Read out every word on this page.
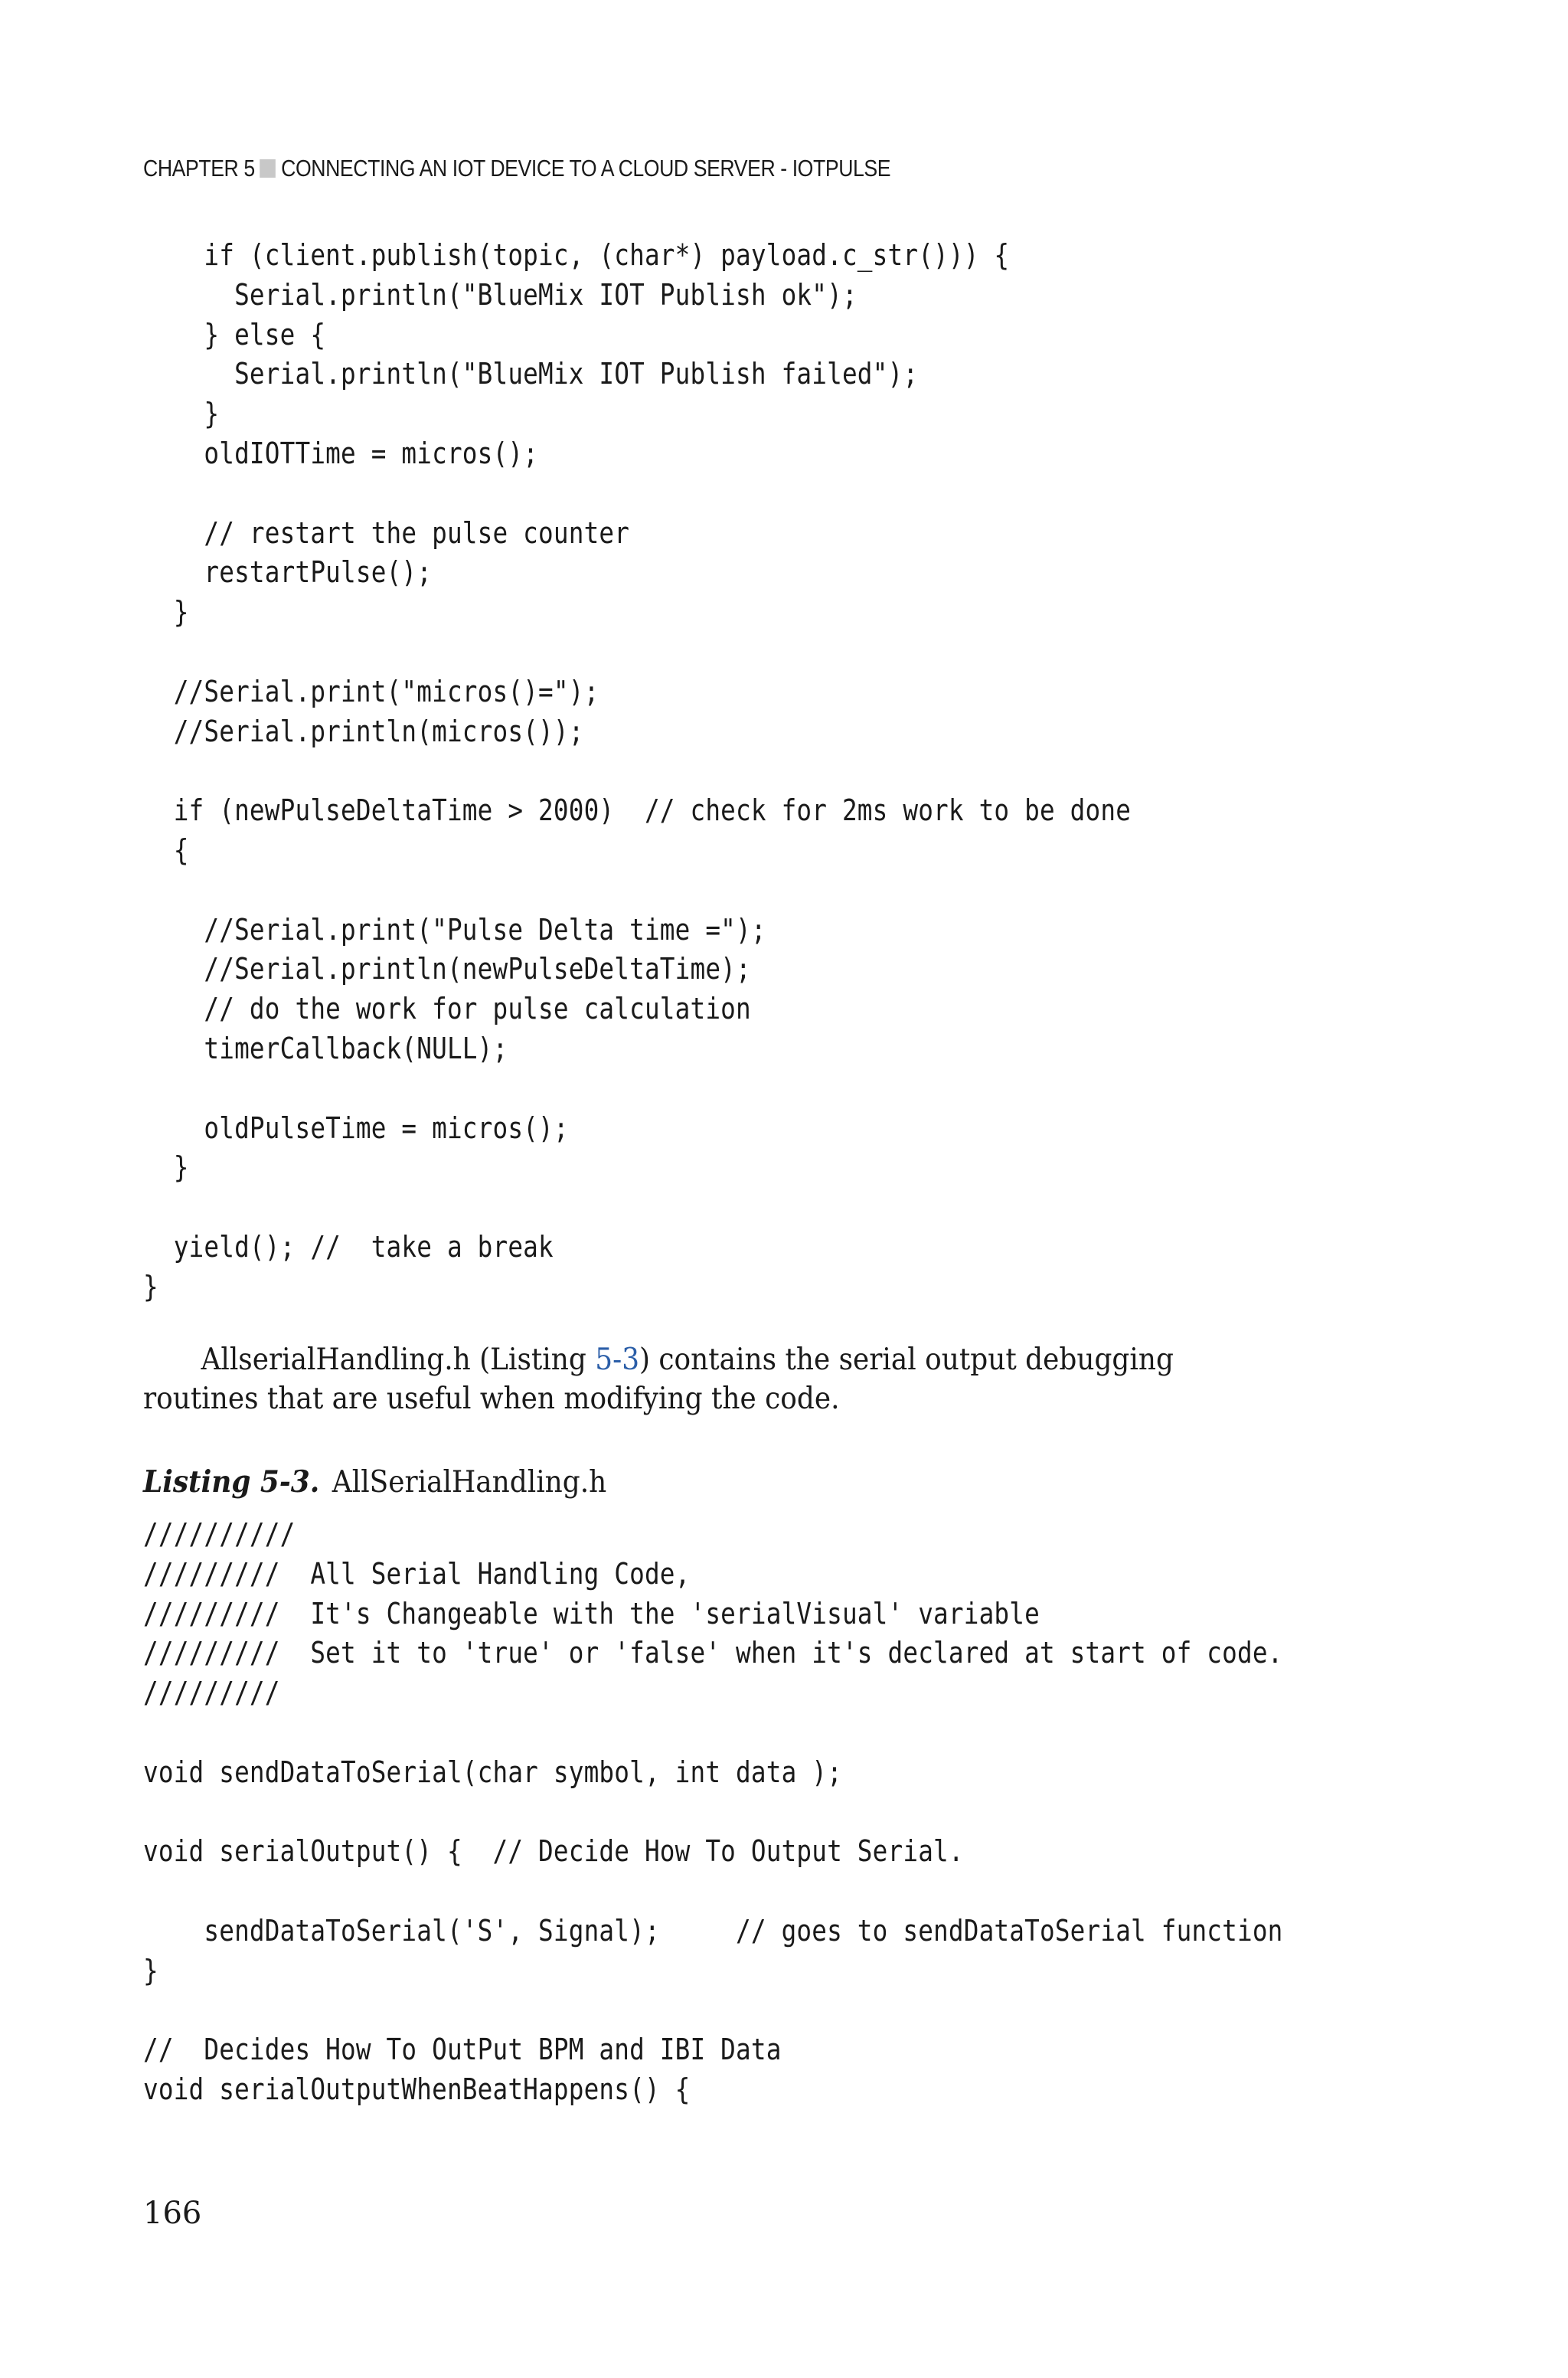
CHAPTER 5 CONNECTING AN IOT DEVICE TO A CLOUD SERVER - IOTPULSE
if (client.publish(topic, (char*) payload.c_str())) {
Serial.println("BlueMix IOT Publish ok");
} else {
Serial.println("BlueMix IOT Publish failed");
}
oldIOTTime = micros();

// restart the pulse counter
restartPulse();
}

//Serial.print("micros()=");
//Serial.println(micros());

if (newPulseDeltaTime > 2000)  // check for 2ms work to be done
{

//Serial.print("Pulse Delta time =");
//Serial.println(newPulseDeltaTime);
// do the work for pulse calculation
timerCallback(NULL);

oldPulseTime = micros();
}

yield(); //  take a break
}
AllserialHandling.h (Listing 5-3) contains the serial output debugging routines that are useful when modifying the code.
Listing 5-3. AllSerialHandling.h
//////////
/////////  All Serial Handling Code,
/////////  It's Changeable with the 'serialVisual' variable
/////////  Set it to 'true' or 'false' when it's declared at start of code.
/////////

void sendDataToSerial(char symbol, int data );

void serialOutput() {  // Decide How To Output Serial.

sendDataToSerial('S', Signal);     // goes to sendDataToSerial function
}

//  Decides How To OutPut BPM and IBI Data
void serialOutputWhenBeatHappens() {
166
